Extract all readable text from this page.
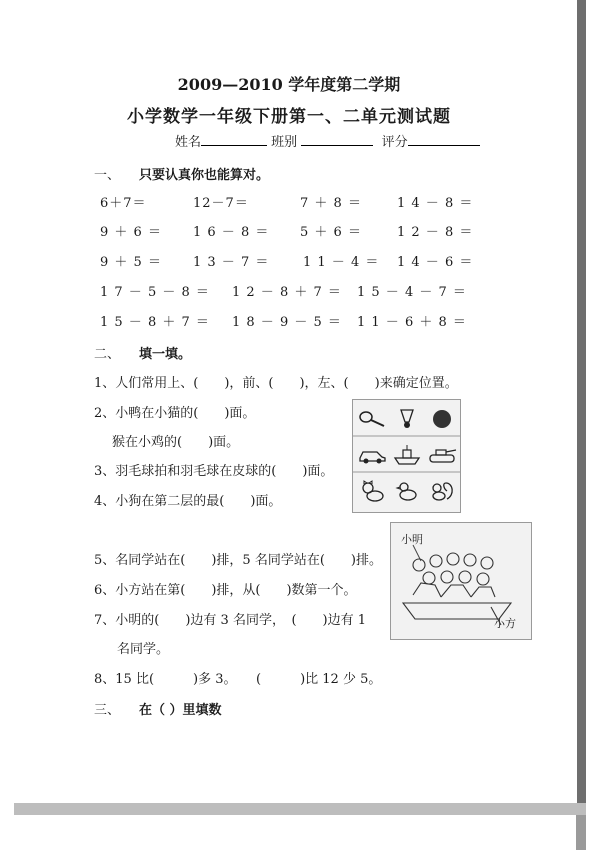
2009—2010 学年度第二学期
小学数学一年级下册第一、二单元测试题
姓名	班别	评分
一、 只要认真你也能算对。
6＋7＝	12－7＝	7 ＋ 8 ＝	1 4 － 8 ＝
9 ＋ 6 ＝ 1 6 － 8 ＝ 5 ＋ 6 ＝	1 2 － 8 ＝
9 ＋ 5 ＝ 1 3 － 7 ＝	1 1 － 4 ＝ 1 4 － 6 ＝
1 7 － 5 － 8 ＝ 1 2 － 8 ＋ 7 ＝ 1 5 － 4 － 7 ＝
1 5 － 8 ＋ 7 ＝ 1 8 － 9 － 5 ＝ 1 1 － 6 ＋ 8 ＝
二、 填一填。
1、人们常用上、(　　)，前、(　　)，左、(　　)来确定位置。
2、小鸭在小猫的(　　)面。
猴在小鸡的(　　)面。
3、羽毛球拍和羽毛球在皮球的(　　)面。
4、小狗在第二层的最(　　)面。
5、名同学站在(　　)排，5 名同学站在(　　)排。
6、小方站在第(　　)排，从(　　)数第一个。
7、小明的(　　)边有 3 名同学，　(　　)边有 1
名同学。
小明
小方
8、15 比(　　　)多 3。　　(　　　)比 12 少 5。
三、 在（ ）里填数
